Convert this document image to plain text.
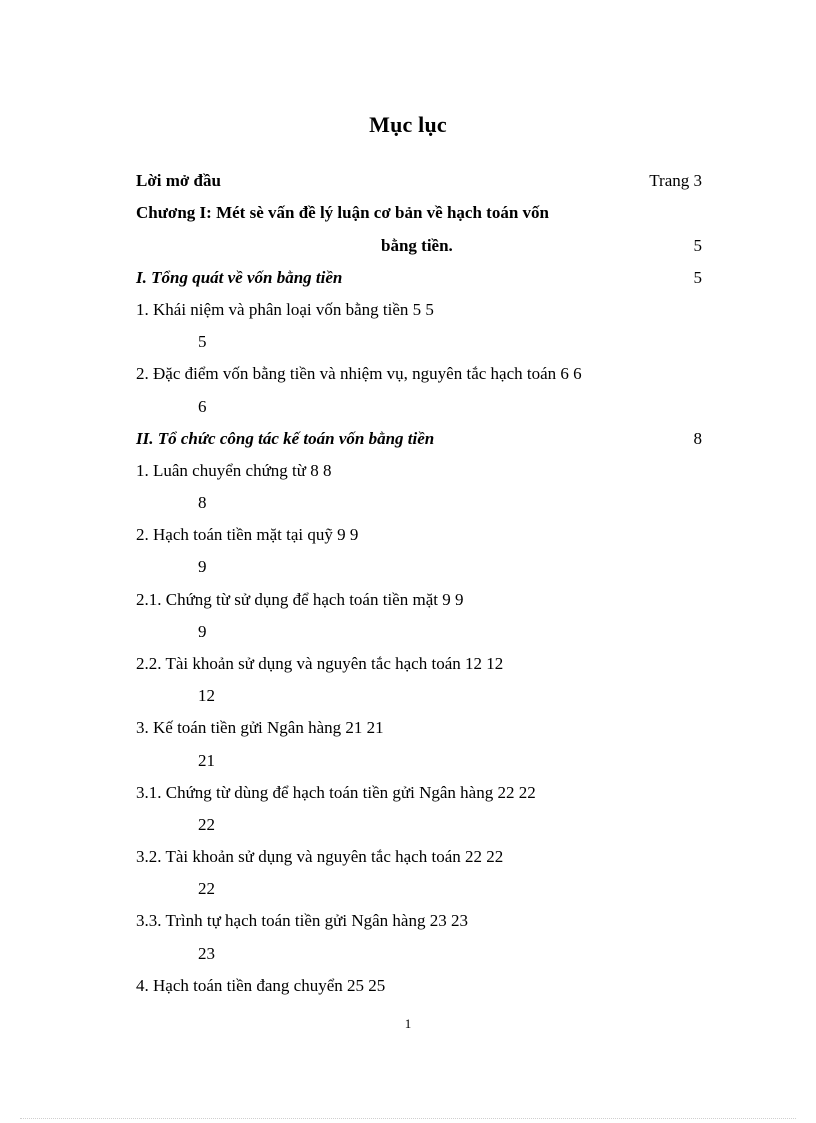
Mục lục
Lời mở đầu	Trang 3
Chương I: Mét sè vấn đề lý luận cơ bản về hạch toán vốn
bằng tiền.	5
I. Tổng quát về vốn bằng tiền	5
1. Khái niệm và phân loại vốn bằng tiền 5 5
5
2. Đặc điểm vốn bằng tiền và nhiệm vụ, nguyên tắc hạch toán 6 6
6
II. Tổ chức công tác kế toán vốn bằng tiền	8
1. Luân chuyển chứng từ 8 8
8
2. Hạch toán tiền mặt tại quỹ 9 9
9
2.1. Chứng từ sử dụng để hạch toán tiền mặt 9 9
9
2.2. Tài khoản sử dụng và nguyên tắc hạch toán 12 12
12
3. Kế toán tiền gửi Ngân hàng 21 21
21
3.1. Chứng từ dùng để hạch toán tiền gửi Ngân hàng 22 22
22
3.2. Tài khoản sử dụng và nguyên tắc hạch toán 22 22
22
3.3. Trình tự hạch toán tiền gửi Ngân hàng 23 23
23
4. Hạch toán tiền đang chuyển 25 25
1
